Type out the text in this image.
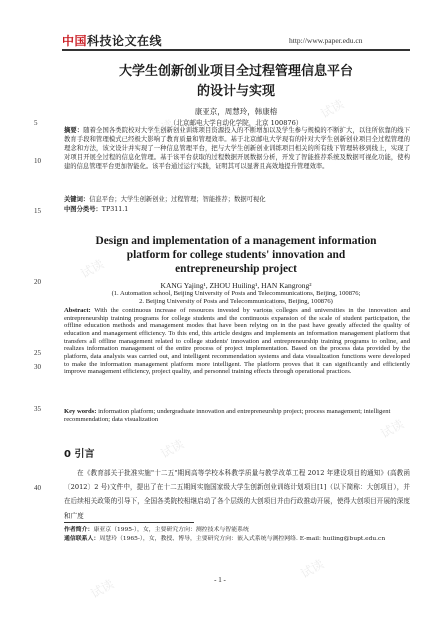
中国科技论文在线	http://www.paper.edu.cn
试读
试读
试读
试读
试读
试读
试读
试读
大学生创新创业项目全过程管理信息平台
的设计与实现
康亚京，周慧玲，韩康榕
（北京邮电大学自动化学院，北京 100876）
摘要：随着全国各类院校对大学生创新创业训练项目资源投入的不断增加以及学生参与规模的不断扩大，以往所依靠的线下教育手段和管理模式已经极大影响了教育质量和管理效率。基于北京邮电大学现有的针对大学生创新创业项目全过程管理的理念和方法，该文设计并实现了一种信息管理平台，把与大学生创新创业训练项目相关的所有线下管理转移到线上，实现了对项目开展全过程的信息化管理。基于该平台获取的过程数据开展数据分析，开发了智能推荐系统及数据可视化功能，使构建的信息管理平台更加智能化。该平台通过运行实践，证明其可以显著且高效地提升管理效率。
关键词：信息平台；大学生创新创业；过程管理；智能推荐；数据可视化
中图分类号：TP311.1
5
10
15
20
25
30
35
40
Design and implementation of a management information
platform for college students' innovation and
entrepreneurship project
KANG Yajing¹, ZHOU Huiling¹, HAN Kangrong²
(1. Automation school, Beijing University of Posts and Telecommunications, Beijing, 100876;
2. Beijing University of Posts and Telecommunications, Beijing, 100876)
Abstract: With the continuous increase of resources invested by various colleges and universities in the innovation and entrepreneurship training programs for college students and the continuous expansion of the scale of student participation, the offline education methods and management modes that have been relying on in the past have greatly affected the quality of education and management efficiency. To this end, this article designs and implements an information management platform that transfers all offline management related to college students' innovation and entrepreneurship training programs to online, and realizes information management of the entire process of project implementation. Based on the process data provided by the platform, data analysis was carried out, and intelligent recommendation systems and data visualization functions were developed to make the information management platform more intelligent. The platform proves that it can significantly and efficiently improve management efficiency, project quality, and personnel training effects through operational practices.
Key words: information platform; undergraduate innovation and entrepreneurship project; process management; intelligent recommendation; data visualization
0 引言
在《教育部关于批准实施"十二五"期间高等学校本科教学质量与教学改革工程 2012 年建设项目的通知》(高教函〔2012〕2 号)文件中，提出了在十二五期间实施国家级大学生创新创业训练计划项目[1]（以下简称：大创项目），并在后续相关政策的引导下，全国各类院校相继启动了各个层级的大创项目并由行政推动开展，使得大创项目开展的深度和广度
作者简介：康亚京（1995-），女，主要研究方向：测控技术与智能系统
通信联系人：周慧玲（1965-），女，教授、博导，主要研究方向：嵌入式系统与测控网络. E-mail: huiling@bupt.edu.cn
- 1 -
